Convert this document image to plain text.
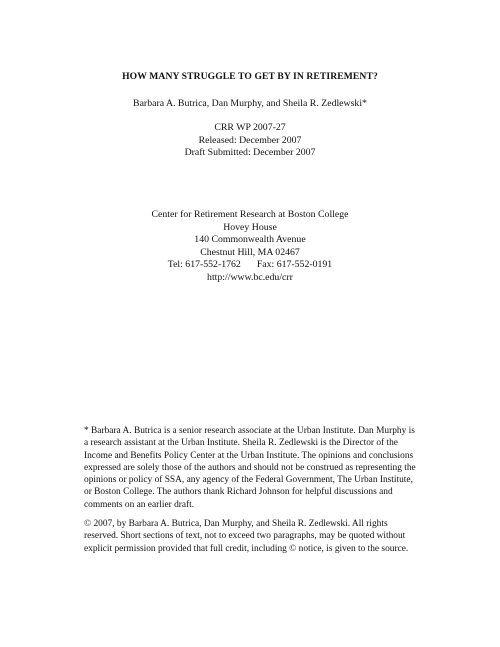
HOW MANY STRUGGLE TO GET BY IN RETIREMENT?
Barbara A. Butrica, Dan Murphy, and Sheila R. Zedlewski*
CRR WP 2007-27
Released: December 2007
Draft Submitted: December 2007
Center for Retirement Research at Boston College
Hovey House
140 Commonwealth Avenue
Chestnut Hill, MA 02467
Tel: 617-552-1762 Fax: 617-552-0191
http://www.bc.edu/crr
* Barbara A. Butrica is a senior research associate at the Urban Institute. Dan Murphy is
a research assistant at the Urban Institute. Sheila R. Zedlewski is the Director of the
Income and Benefits Policy Center at the Urban Institute. The opinions and conclusions
expressed are solely those of the authors and should not be construed as representing the
opinions or policy of SSA, any agency of the Federal Government, The Urban Institute,
or Boston College. The authors thank Richard Johnson for helpful discussions and
comments on an earlier draft.
© 2007, by Barbara A. Butrica, Dan Murphy, and Sheila R. Zedlewski. All rights
reserved. Short sections of text, not to exceed two paragraphs, may be quoted without
explicit permission provided that full credit, including © notice, is given to the source.
